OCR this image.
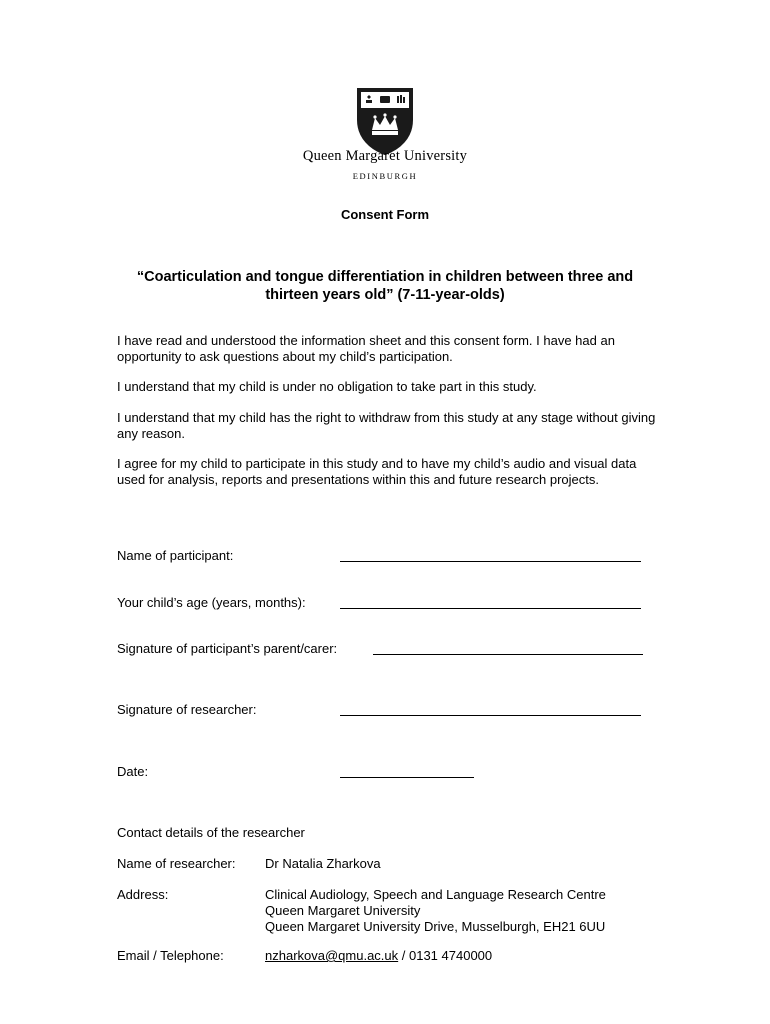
Queen Margaret University
EDINBURGH
Consent Form
“Coarticulation and tongue differentiation in children between three and thirteen years old” (7-11-year-olds)
I have read and understood the information sheet and this consent form. I have had an opportunity to ask questions about my child’s participation.
I understand that my child is under no obligation to take part in this study.
I understand that my child has the right to withdraw from this study at any stage without giving any reason.
I agree for my child to participate in this study and to have my child’s audio and visual data used for analysis, reports and presentations within this and future research projects.
Name of participant:
Your child’s age (years, months):
Signature of participant’s parent/carer:
Signature of researcher:
Date:
Contact details of the researcher
Name of researcher: Dr Natalia Zharkova
Address:	Clinical Audiology, Speech and Language Research Centre
Queen Margaret University
Queen Margaret University Drive, Musselburgh, EH21 6UU
Email / Telephone:	nzharkova@qmu.ac.uk / 0131 4740000
